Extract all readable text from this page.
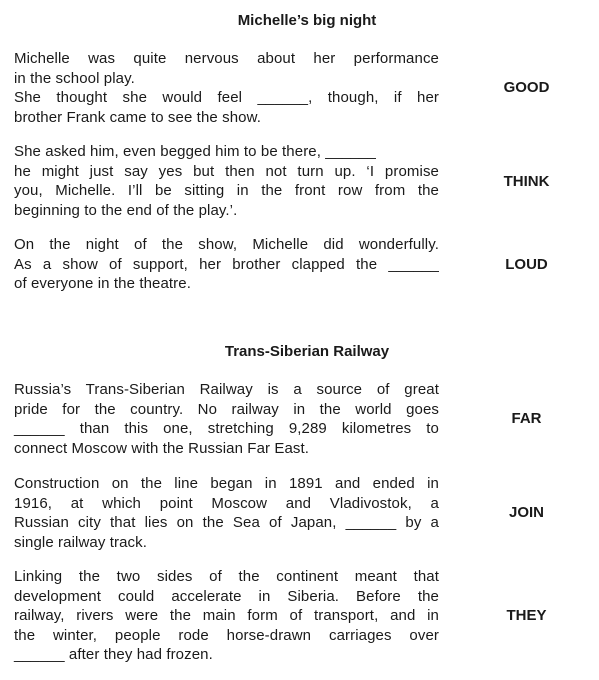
Michelle’s big night

Michelle was quite nervous about her performance
in the school play.
She thought she would feel ______, though, if her
brother Frank came to see the show.

GOOD

She asked him, even begged him to be there, ______
he might just say yes but then not turn up. ‘I promise
you, Michelle. I’ll be sitting in the front row from the
beginning to the end of the play.’.

THINK

On the night of the show, Michelle did wonderfully.
As a show of support, her brother clapped the ______
of everyone in the theatre.

LOUD
Trans-Siberian Railway

Russia’s Trans-Siberian Railway is a source of great
pride for the country. No railway in the world goes
______ than this one, stretching 9,289 kilometres to
connect Moscow with the Russian Far East.

FAR

Construction on the line began in 1891 and ended in
1916, at which point Moscow and Vladivostok, a
Russian city that lies on the Sea of Japan, ______ by a
single railway track.

JOIN

Linking the two sides of the continent meant that
development could accelerate in Siberia. Before the
railway, rivers were the main form of transport, and in
the winter, people rode horse-drawn carriages over
______ after they had frozen.

THEY
